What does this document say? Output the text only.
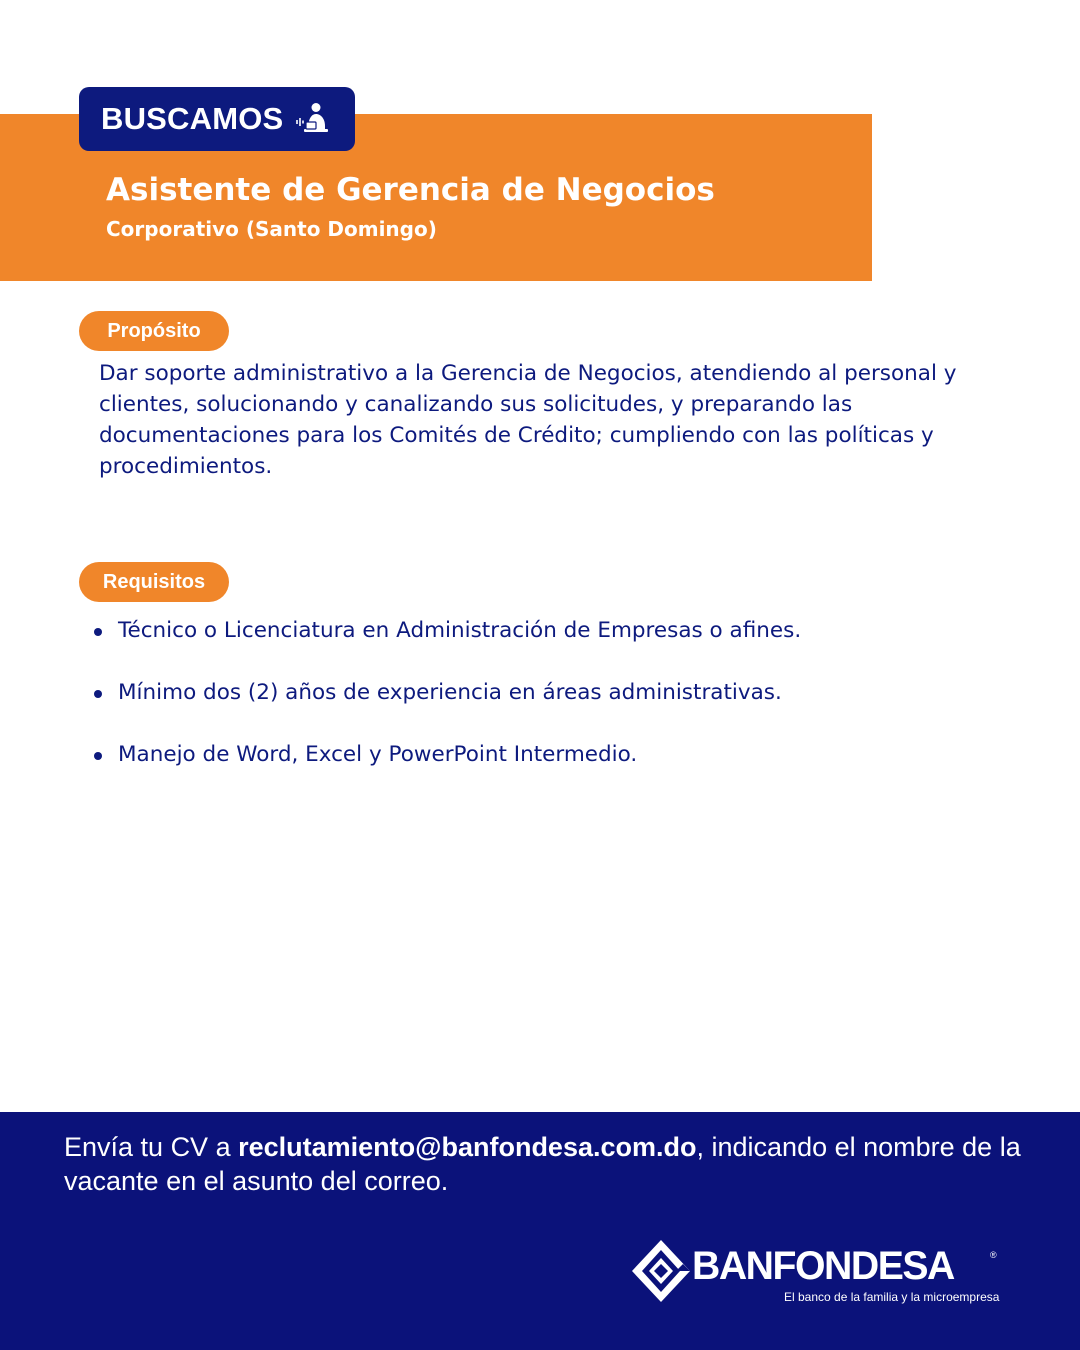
BUSCAMOS
Asistente de Gerencia de Negocios
Corporativo (Santo Domingo)
Propósito

Dar soporte administrativo a la Gerencia de Negocios, atendiendo al personal y clientes, solucionando y canalizando sus solicitudes, y preparando las documentaciones para los Comités de Crédito; cumpliendo con las políticas y procedimientos.

Requisitos
Técnico o Licenciatura en Administración de Empresas o afines.
Mínimo dos (2) años de experiencia en áreas administrativas.
Manejo de Word, Excel y PowerPoint Intermedio.

Envía tu CV a reclutamiento@banfondesa.com.do, indicando el nombre de la vacante en el asunto del correo.

BANFONDESA	®
El banco de la familia y la microempresa
